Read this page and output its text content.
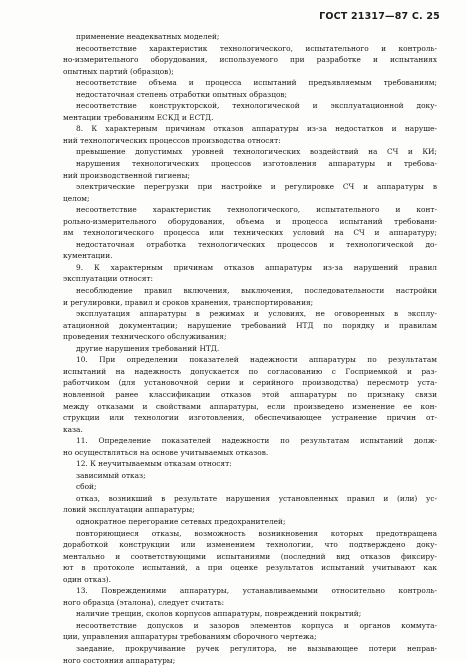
ГОСТ 21317—87 С. 25
применение неадекватных моделей;
несоответствие характеристик технологического, испытательного и контроль-
но-измерительного оборудования, используемого при разработке и испытаниях
опытных партий (образцов);
несоответствие объема и процесса испытаний предъявляемым требованиям;
недостаточная степень отработки опытных образцов;
несоответствие конструкторской, технологической и эксплуатационной доку-
ментации требованиям ЕСКД и ЕСТД.
8. К характерным причинам отказов аппаратуры из-за недостатков и наруше-
ний технологических процессов производства относят:
превышение допустимых уровней технологических воздействий на СЧ и КИ;
нарушения технологических процессов изготовления аппаратуры и требова-
ний производственной гигиены;
электрические перегрузки при настройке и регулировке СЧ и аппаратуры в
целом;
несоответствие характеристик технологического, испытательного и конт-
рольно-измерительного оборудования, объема и процесса испытаний требовани-
ям технологического процесса или технических условий на СЧ и аппаратуру;
недостаточная отработка технологических процессов и технологической до-
кументации.
9. К характерным причинам отказов аппаратуры из-за нарушений правил
эксплуатации относят:
несоблюдение правил включения, выключения, последовательности настройки
и регулировки, правил и сроков хранения, транспортирования;
эксплуатация аппаратуры в режимах и условиях, не оговоренных в эксплу-
атационной документации; нарушение требований НТД по порядку и правилам
проведения технического обслуживания;
другие нарушения требований НТД.
10. При определении показателей надежности аппаратуры по результатам
испытаний на надежность допускается по согласованию с Госприемкой и раз-
работчиком (для установочной серии и серийного производства) пересмотр уста-
новленной ранее классификации отказов этой аппаратуры по признаку связи
между отказами и свойствами аппаратуры, если произведено изменение ее кон-
струкции или технологии изготовления, обеспечивающее устранение причин от-
каза.
11. Определение показателей надежности по результатам испытаний долж-
но осуществляться на основе учитываемых отказов.
12. К неучитываемым отказам относят:
зависимый отказ;
сбой;
отказ, возникший в результате нарушения установленных правил и (или) ус-
ловий эксплуатации аппаратуры;
однократное перегорание сетевых предохранителей;
повторяющиеся отказы, возможность возникновения которых предотвращена
доработкой конструкции или изменением технологии, что подтверждено доку-
ментально и соответствующими испытаниями (последний вид отказов фиксиру-
ют в протоколе испытаний, а при оценке результатов испытаний учитывают как
один отказ).
13. Повреждениями аппаратуры, устанавливаемыми относительно контроль-
ного образца (эталона), следует считать:
наличие трещин, сколов корпусов аппаратуры, повреждений покрытий;
несоответствие допусков и зазоров элементов корпуса и органов коммута-
ции, управления аппаратуры требованиям сборочного чертежа;
заедание, прокручивание ручек регулятора, не вызывающее потери неправ-
ного состояния аппаратуры;
